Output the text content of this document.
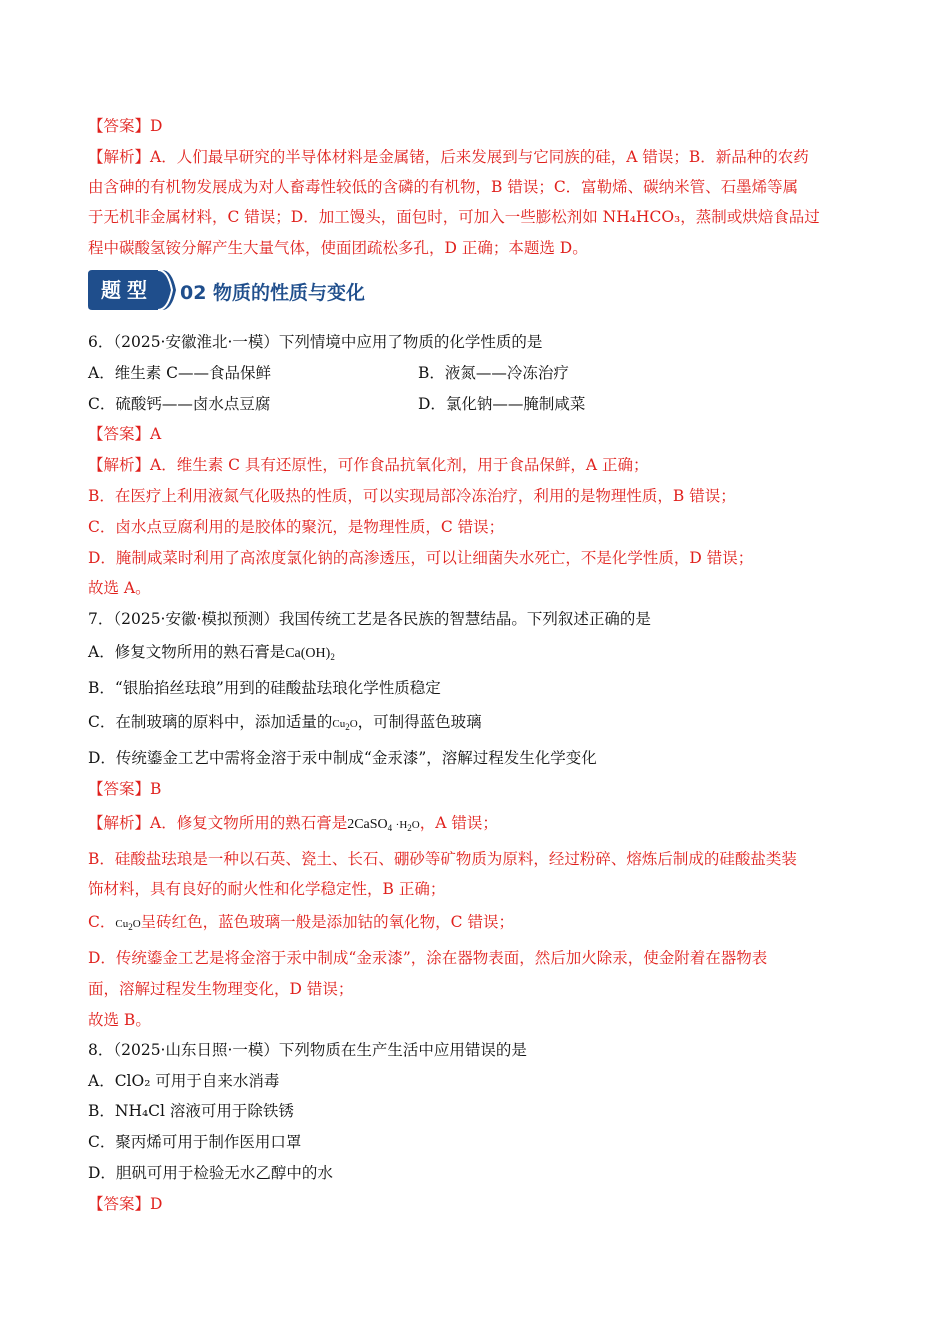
【答案】D
【解析】A．人们最早研究的半导体材料是金属锗，后来发展到与它同族的硅，A 错误；B．新品种的农药
由含砷的有机物发展成为对人畜毒性较低的含磷的有机物，B 错误；C．富勒烯、碳纳米管、石墨烯等属
于无机非金属材料，C 错误；D．加工馒头，面包时，可加入一些膨松剂如 NH₄HCO₃，蒸制或烘焙食品过
程中碳酸氢铵分解产生大量气体，使面团疏松多孔，D 正确；本题选 D。
题型	02 物质的性质与变化
6．（2025·安徽淮北·一模）下列情境中应用了物质的化学性质的是
A．维生素 C——食品保鲜	B．液氮——冷冻治疗
C．硫酸钙——卤水点豆腐	D．氯化钠——腌制咸菜
【答案】A
【解析】A．维生素 C 具有还原性，可作食品抗氧化剂，用于食品保鲜，A 正确；
B．在医疗上利用液氮气化吸热的性质，可以实现局部冷冻治疗，利用的是物理性质，B 错误；
C．卤水点豆腐利用的是胶体的聚沉，是物理性质，C 错误；
D．腌制咸菜时利用了高浓度氯化钠的高渗透压，可以让细菌失水死亡，不是化学性质，D 错误；
故选 A。
7．（2025·安徽·模拟预测）我国传统工艺是各民族的智慧结晶。下列叙述正确的是
A．修复文物所用的熟石膏是$Ca(OH)_2$
B．“银胎掐丝珐琅”用到的硅酸盐珐琅化学性质稳定
C．在制玻璃的原料中，添加适量的$Cu_2O$，可制得蓝色玻璃
D．传统鎏金工艺中需将金溶于汞中制成“金汞漆”，溶解过程发生化学变化
【答案】B
【解析】A．修复文物所用的熟石膏是2CaSO$_4$ $\cdot H_2O$，A 错误；
B．硅酸盐珐琅是一种以石英、瓷土、长石、硼砂等矿物质为原料，经过粉碎、熔炼后制成的硅酸盐类装
饰材料，具有良好的耐火性和化学稳定性，B 正确；
C．$Cu_2O$呈砖红色，蓝色玻璃一般是添加钴的氧化物，C 错误；
D．传统鎏金工艺是将金溶于汞中制成“金汞漆”，涂在器物表面，然后加火除汞，使金附着在器物表
面，溶解过程发生物理变化，D 错误；
故选 B。
8．（2025·山东日照·一模）下列物质在生产生活中应用错误的是
A．ClO₂ 可用于自来水消毒
B．NH₄Cl 溶液可用于除铁锈
C．聚丙烯可用于制作医用口罩
D．胆矾可用于检验无水乙醇中的水
【答案】D
